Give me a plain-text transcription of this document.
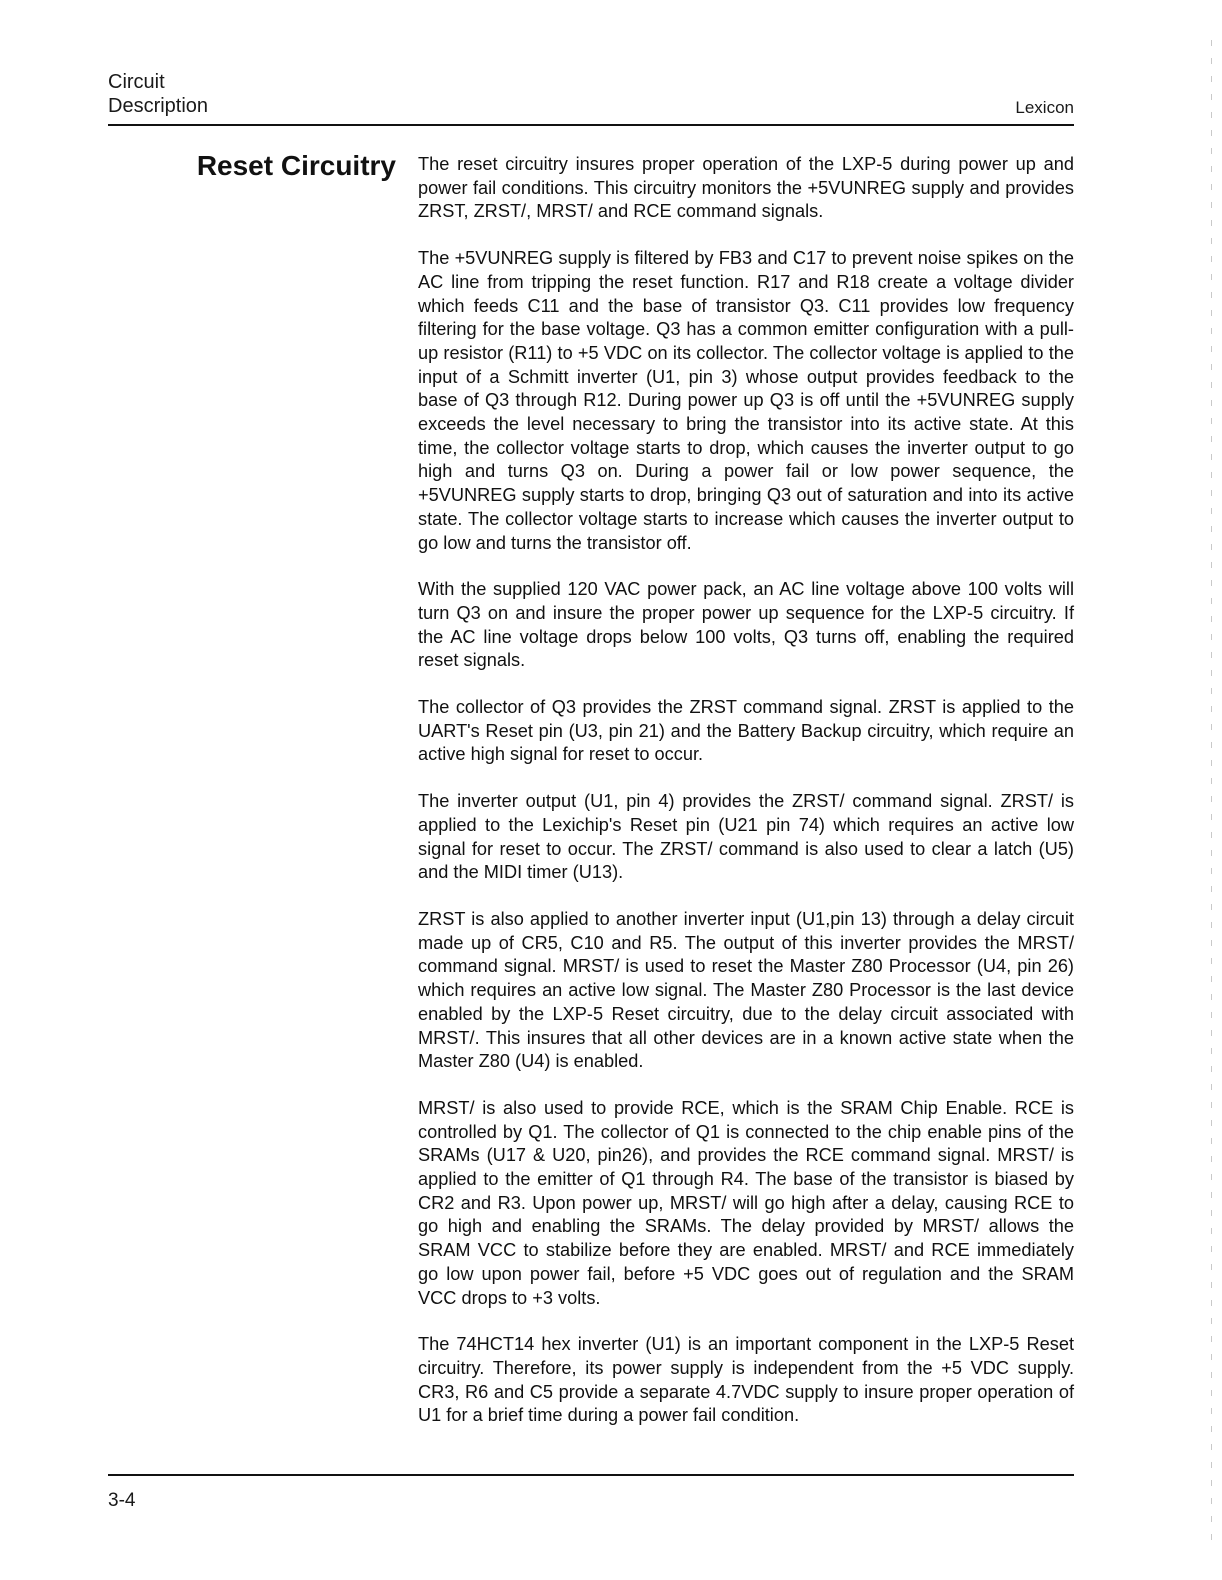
Circuit
Description	Lexicon
Reset Circuitry The reset circuitry insures proper operation of the LXP-5 during power up and power fail conditions. This circuitry monitors the +5VUNREG supply and provides ZRST, ZRST/, MRST/ and RCE command signals.

The +5VUNREG supply is filtered by FB3 and C17 to prevent noise spikes on the AC line from tripping the reset function. R17 and R18 create a voltage divider which feeds C11 and the base of transistor Q3. C11 provides low frequency filtering for the base voltage. Q3 has a common emitter configuration with a pull-up resistor (R11) to +5 VDC on its collector. The collector voltage is applied to the input of a Schmitt inverter (U1, pin 3) whose output provides feedback to the base of Q3 through R12. During power up Q3 is off until the +5VUNREG supply exceeds the level necessary to bring the transistor into its active state. At this time, the collector voltage starts to drop, which causes the inverter output to go high and turns Q3 on. During a power fail or low power sequence, the +5VUNREG supply starts to drop, bringing Q3 out of saturation and into its active state. The collector voltage starts to increase which causes the inverter output to go low and turns the transistor off.

With the supplied 120 VAC power pack, an AC line voltage above 100 volts will turn Q3 on and insure the proper power up sequence for the LXP-5 circuitry. If the AC line voltage drops below 100 volts, Q3 turns off, enabling the required reset signals.

The collector of Q3 provides the ZRST command signal. ZRST is applied to the UART's Reset pin (U3, pin 21) and the Battery Backup circuitry, which require an active high signal for reset to occur.

The inverter output (U1, pin 4) provides the ZRST/ command signal. ZRST/ is applied to the Lexichip's Reset pin (U21 pin 74) which requires an active low signal for reset to occur. The ZRST/ command is also used to clear a latch (U5) and the MIDI timer (U13).

ZRST is also applied to another inverter input (U1,pin 13) through a delay circuit made up of CR5, C10 and R5. The output of this inverter provides the MRST/ command signal. MRST/ is used to reset the Master Z80 Processor (U4, pin 26) which requires an active low signal. The Master Z80 Processor is the last device enabled by the LXP-5 Reset circuitry, due to the delay circuit associated with MRST/. This insures that all other devices are in a known active state when the Master Z80 (U4) is enabled.

MRST/ is also used to provide RCE, which is the SRAM Chip Enable. RCE is controlled by Q1. The collector of Q1 is connected to the chip enable pins of the SRAMs (U17 & U20, pin26), and provides the RCE command signal. MRST/ is applied to the emitter of Q1 through R4. The base of the transistor is biased by CR2 and R3. Upon power up, MRST/ will go high after a delay, causing RCE to go high and enabling the SRAMs. The delay provided by MRST/ allows the SRAM VCC to stabilize before they are enabled. MRST/ and RCE immediately go low upon power fail, before +5 VDC goes out of regulation and the SRAM VCC drops to +3 volts.

The 74HCT14 hex inverter (U1) is an important component in the LXP-5 Reset circuitry. Therefore, its power supply is independent from the +5 VDC supply. CR3, R6 and C5 provide a separate 4.7VDC supply to insure proper operation of U1 for a brief time during a power fail condition.

3-4
